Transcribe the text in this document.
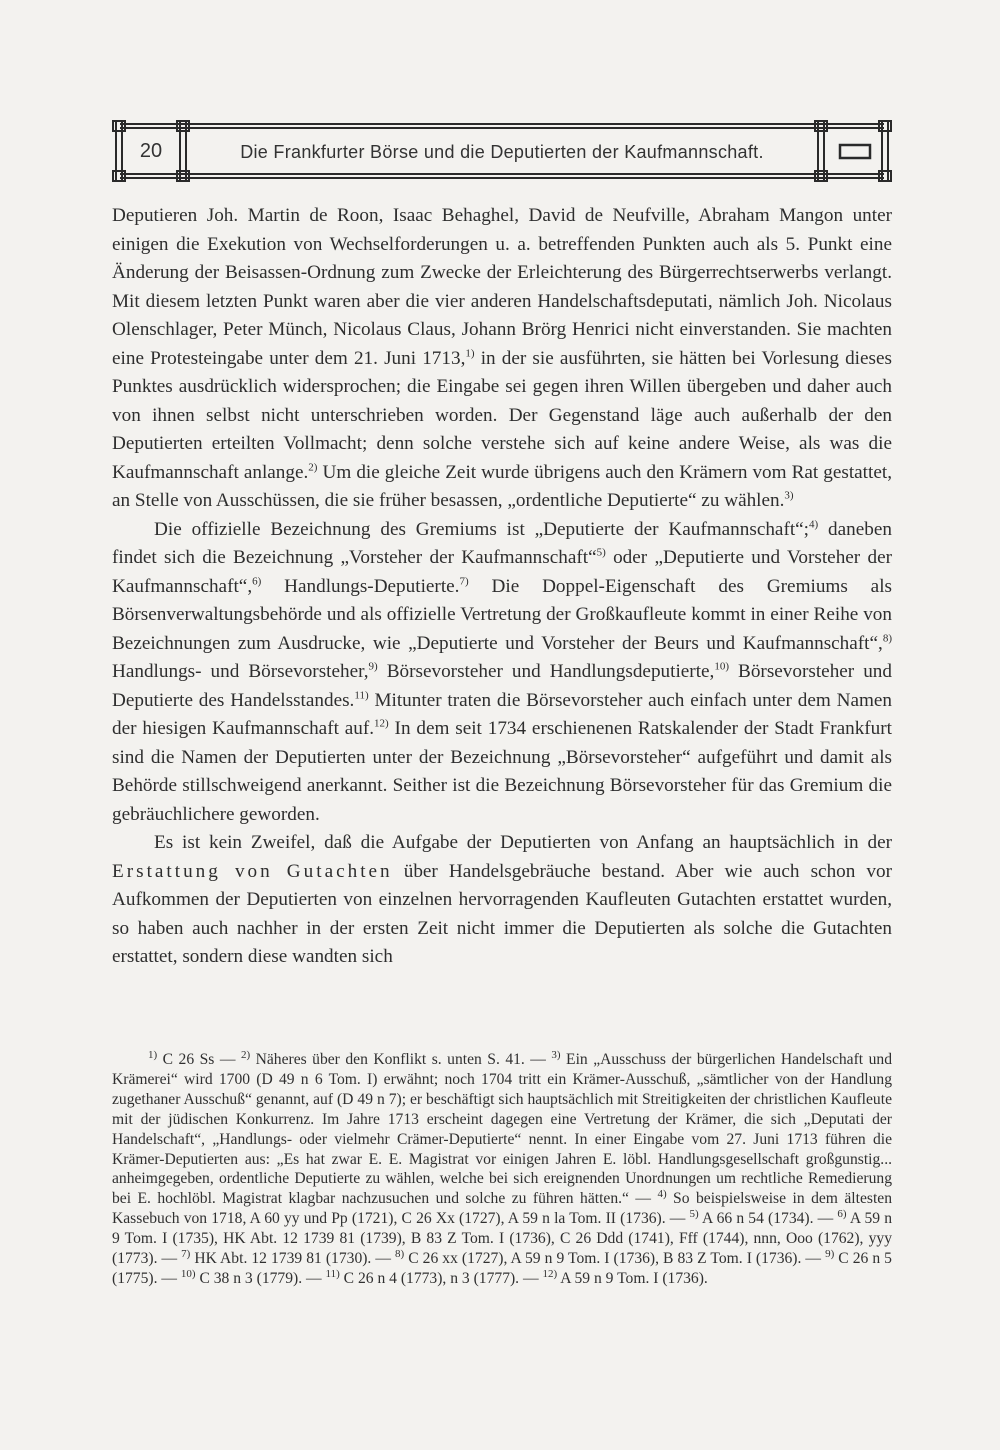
20	Die Frankfurter Börse und die Deputierten der Kaufmannschaft.

Deputieren Joh. Martin de Roon, Isaac Behaghel, David de Neufville, Abraham Mangon unter einigen die Exekution von Wechselforderungen u. a. betreffenden Punkten auch als 5. Punkt eine Änderung der Beisassen-Ordnung zum Zwecke der Erleichterung des Bürgerrechtserwerbs verlangt. Mit diesem letzten Punkt waren aber die vier anderen Handelschaftsdeputati, nämlich Joh. Nicolaus Olenschlager, Peter Münch, Nicolaus Claus, Johann Brörg Henrici nicht einverstanden. Sie machten eine Protesteingabe unter dem 21. Juni 1713,$^{1)}$ in der sie ausführten, sie hätten bei Vorlesung dieses Punktes ausdrücklich widersprochen; die Eingabe sei gegen ihren Willen übergeben und daher auch von ihnen selbst nicht unterschrieben worden. Der Gegenstand läge auch außerhalb der den Deputierten erteilten Vollmacht; denn solche verstehe sich auf keine andere Weise, als was die Kaufmannschaft anlange.$^{2)}$ Um die gleiche Zeit wurde übrigens auch den Krämern vom Rat gestattet, an Stelle von Ausschüssen, die sie früher besassen, „ordentliche Deputierte“ zu wählen.$^{3)}$

Die offizielle Bezeichnung des Gremiums ist „Deputierte der Kaufmannschaft“;$^{4)}$ daneben findet sich die Bezeichnung „Vorsteher der Kaufmannschaft“$^{5)}$ oder „Deputierte und Vorsteher der Kaufmannschaft“,$^{6)}$ Handlungs-Deputierte.$^{7)}$ Die Doppel-Eigenschaft des Gremiums als Börsenverwaltungsbehörde und als offizielle Vertretung der Großkaufleute kommt in einer Reihe von Bezeichnungen zum Ausdrucke, wie „Deputierte und Vorsteher der Beurs und Kaufmannschaft“,$^{8)}$ Handlungs- und Börsevorsteher,$^{9)}$ Börsevorsteher und Handlungsdeputierte,$^{10)}$ Börsevorsteher und Deputierte des Handelsstandes.$^{11)}$ Mitunter traten die Börsevorsteher auch einfach unter dem Namen der hiesigen Kaufmannschaft auf.$^{12)}$ In dem seit 1734 erschienenen Ratskalender der Stadt Frankfurt sind die Namen der Deputierten unter der Bezeichnung „Börsevorsteher“ aufgeführt und damit als Behörde stillschweigend anerkannt. Seither ist die Bezeichnung Börsevorsteher für das Gremium die gebräuchlichere geworden.

Es ist kein Zweifel, daß die Aufgabe der Deputierten von Anfang an hauptsächlich in der Erstattung von Gutachten über Handelsgebräuche bestand. Aber wie auch schon vor Aufkommen der Deputierten von einzelnen hervorragenden Kaufleuten Gutachten erstattet wurden, so haben auch nachher in der ersten Zeit nicht immer die Deputierten als solche die Gutachten erstattet, sondern diese wandten sich

$^{1)}$ C 26 Ss — $^{2)}$ Näheres über den Konflikt s. unten S. 41. — $^{3)}$ Ein „Ausschuss der bürgerlichen Handelschaft und Krämerei“ wird 1700 (D 49 n 6 Tom. I) erwähnt; noch 1704 tritt ein Krämer-Ausschuß, „sämtlicher von der Handlung zugethaner Ausschuß“ genannt, auf (D 49 n 7); er beschäftigt sich hauptsächlich mit Streitigkeiten der christlichen Kaufleute mit der jüdischen Konkurrenz. Im Jahre 1713 erscheint dagegen eine Vertretung der Krämer, die sich „Deputati der Handelschaft“, „Handlungs- oder vielmehr Crämer-Deputierte“ nennt. In einer Eingabe vom 27. Juni 1713 führen die Krämer-Deputierten aus: „Es hat zwar E. E. Magistrat vor einigen Jahren E. löbl. Handlungsgesellschaft großgunstig... anheimgegeben, ordentliche Deputierte zu wählen, welche bei sich ereignenden Unordnungen um rechtliche Remedierung bei E. hochlöbl. Magistrat klagbar nachzusuchen und solche zu führen hätten.“ — $^{4)}$ So beispielsweise in dem ältesten Kassebuch von 1718, A 60 yy und Pp (1721), C 26 Xx (1727), A 59 n la Tom. II (1736). — $^{5)}$ A 66 n 54 (1734). — $^{6)}$ A 59 n 9 Tom. I (1735), HK Abt. 12 1739 81 (1739), B 83 Z Tom. I (1736), C 26 Ddd (1741), Fff (1744), nnn, Ooo (1762), yyy (1773). — $^{7)}$ HK Abt. 12 1739 81 (1730). — $^{8)}$ C 26 xx (1727), A 59 n 9 Tom. I (1736), B 83 Z Tom. I (1736). — $^{9)}$ C 26 n 5 (1775). — $^{10)}$ C 38 n 3 (1779). — $^{11)}$ C 26 n 4 (1773), n 3 (1777). — $^{12)}$ A 59 n 9 Tom. I (1736).
